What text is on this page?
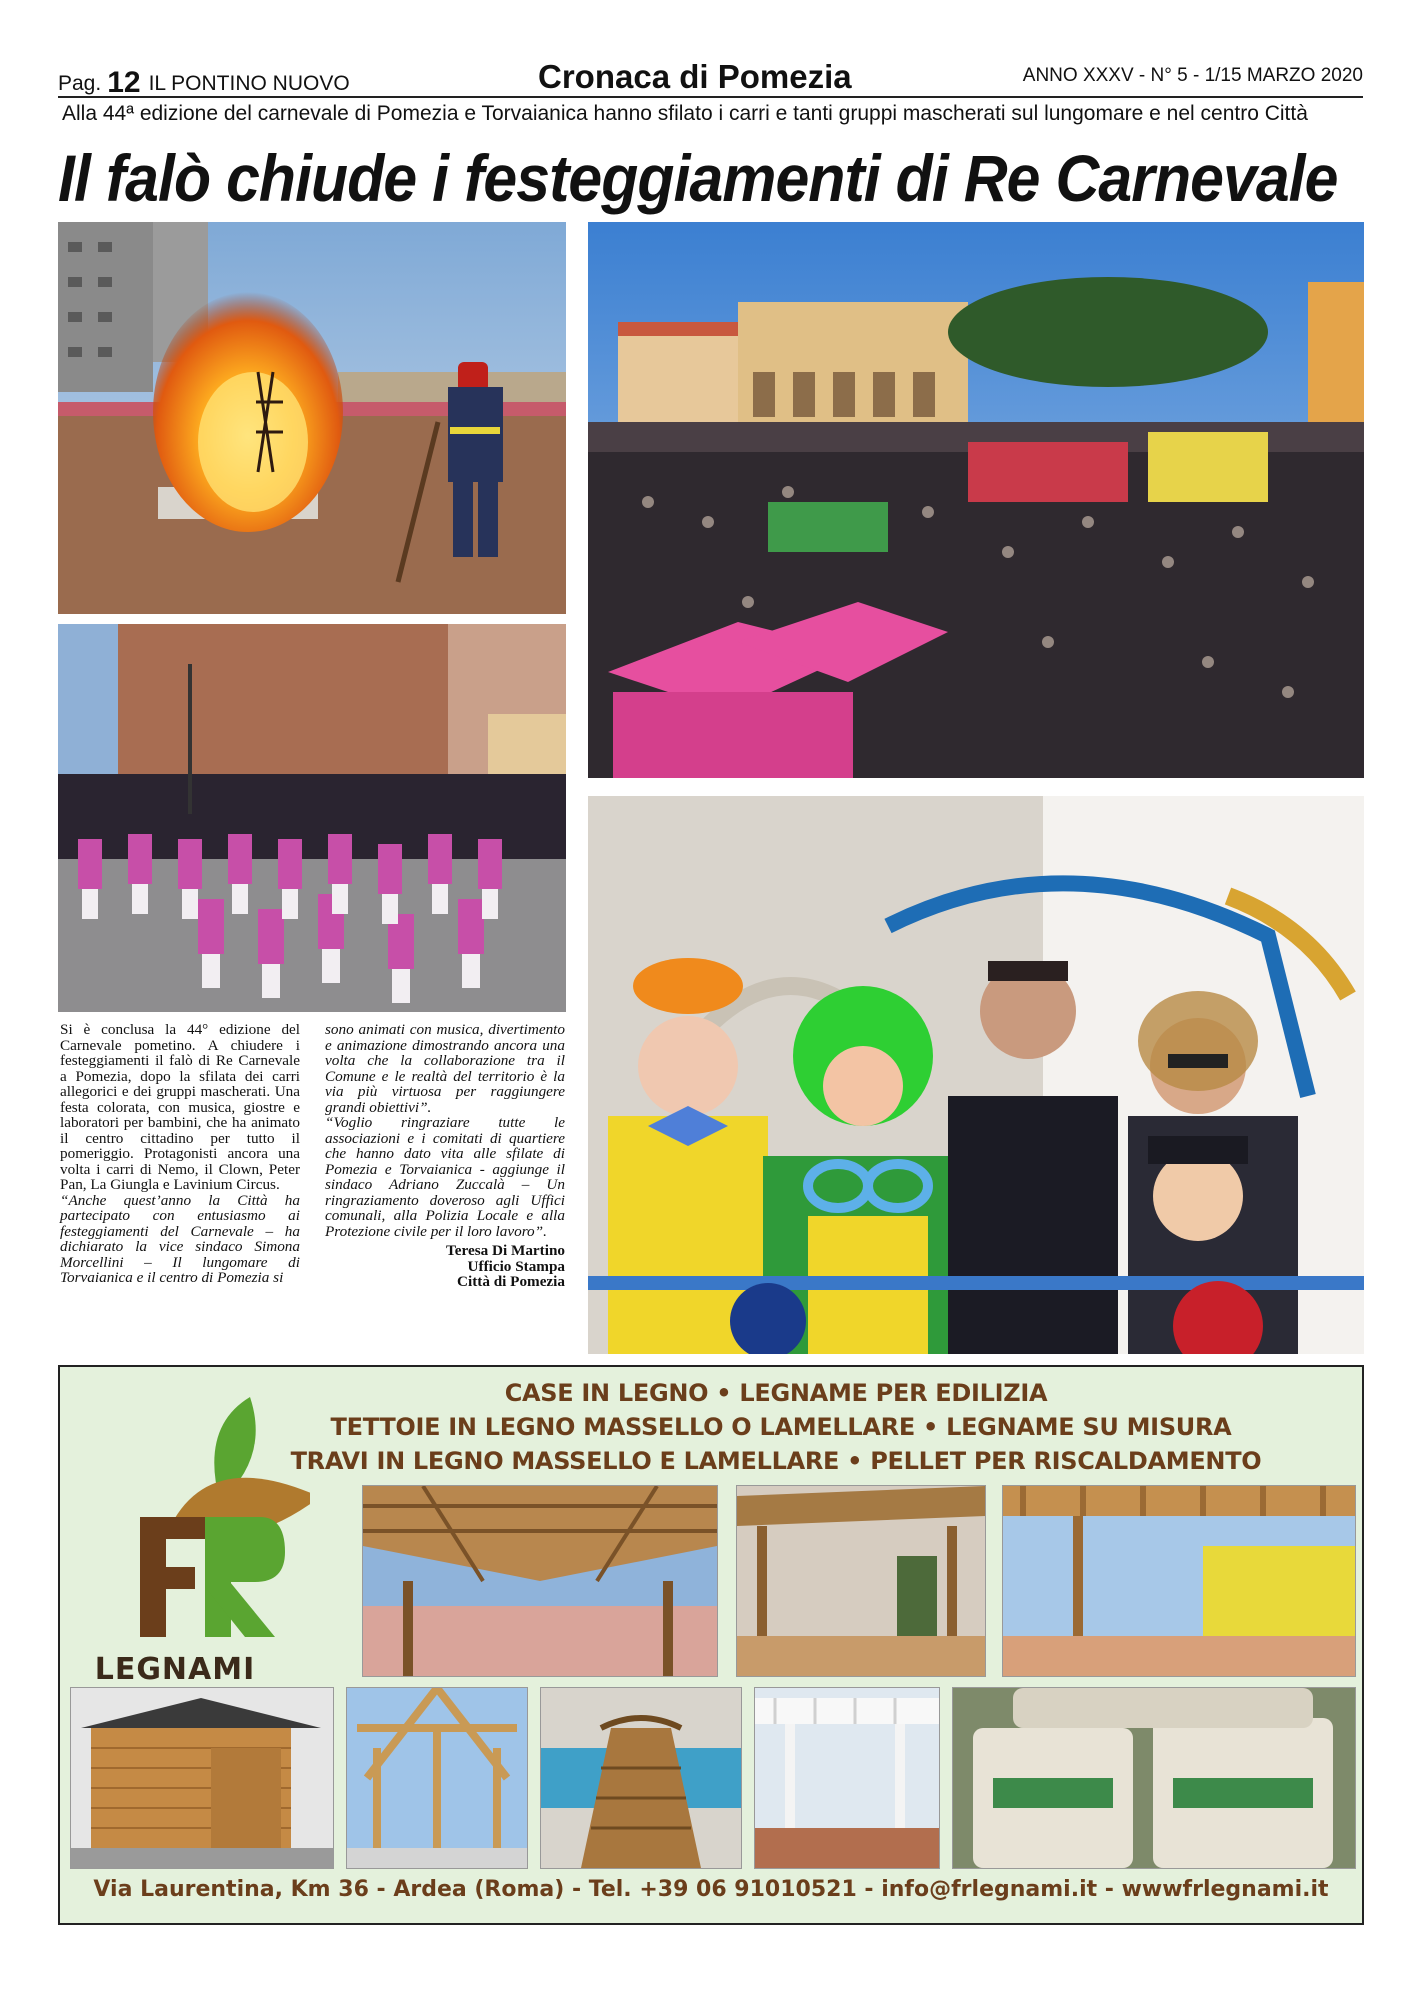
Pag. 12 IL PONTINO NUOVO	Cronaca di Pomezia	ANNO XXXV - N° 5 - 1/15 MARZO 2020
Alla 44ª edizione del carnevale di Pomezia e Torvaianica hanno sfilato i carri e tanti gruppi mascherati sul lungomare e nel centro Città
Il falò chiude i festeggiamenti di Re Carnevale

Si è conclusa la 44° edizione del Carnevale pometino. A chiudere i festeggiamenti il falò di Re Carnevale a Pomezia, dopo la sfilata dei carri allegorici e dei gruppi mascherati. Una festa colorata, con musica, giostre e laboratori per bambini, che ha animato il centro cittadino per tutto il pomeriggio. Protagonisti ancora una volta i carri di Nemo, il Clown, Peter Pan, La Giungla e Lavinium Circus.

“Anche quest’anno la Città ha partecipato con entusiasmo ai festeggiamenti del Carnevale – ha dichiarato la vice sindaco Simona Morcellini – Il lungomare di Torvaianica e il centro di Pomezia si

sono animati con musica, divertimento e animazione dimostrando ancora una volta che la collaborazione tra il Comune e le realtà del territorio è la via più virtuosa per raggiungere grandi obiettivi”.

“Voglio ringraziare tutte le associazioni e i comitati di quartiere che hanno dato vita alle sfilate di Pomezia e Torvaianica - aggiunge il sindaco Adriano Zuccalà – Un ringraziamento doveroso agli Uffici comunali, alla Polizia Locale e alla Protezione civile per il loro lavoro”.

Teresa Di Martino
Ufficio Stampa
Città di Pomezia
LEGNAMI
CASE IN LEGNO • LEGNAME PER EDILIZIA
TETTOIE IN LEGNO MASSELLO O LAMELLARE • LEGNAME SU MISURA
TRAVI IN LEGNO MASSELLO E LAMELLARE • PELLET PER RISCALDAMENTO
Via Laurentina, Km 36 - Ardea (Roma) - Tel. +39 06 91010521 - info@frlegnami.it - wwwfrlegnami.it
